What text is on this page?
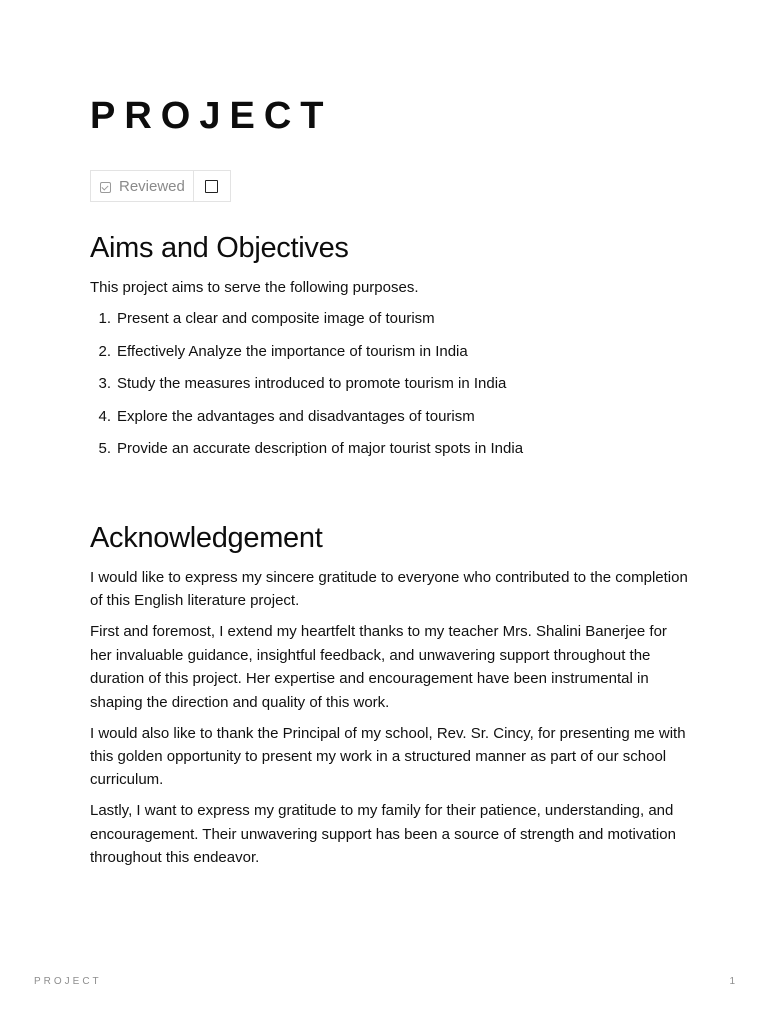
PROJECT
Reviewed
Aims and Objectives

This project aims to serve the following purposes.

1. Present a clear and composite image of tourism
2. Effectively Analyze the importance of tourism in India
3. Study the measures introduced to promote tourism in India
4. Explore the advantages and disadvantages of tourism
5. Provide an accurate description of major tourist spots in India
Acknowledgement

I would like to express my sincere gratitude to everyone who contributed to the completion of this English literature project.

First and foremost, I extend my heartfelt thanks to my teacher Mrs. Shalini Banerjee for her invaluable guidance, insightful feedback, and unwavering support throughout the duration of this project. Her expertise and encouragement have been instrumental in shaping the direction and quality of this work.

I would also like to thank the Principal of my school, Rev. Sr. Cincy, for presenting me with this golden opportunity to present my work in a structured manner as part of our school curriculum.

Lastly, I want to express my gratitude to my family for their patience, understanding, and encouragement. Their unwavering support has been a source of strength and motivation throughout this endeavor.

PROJECT	1
